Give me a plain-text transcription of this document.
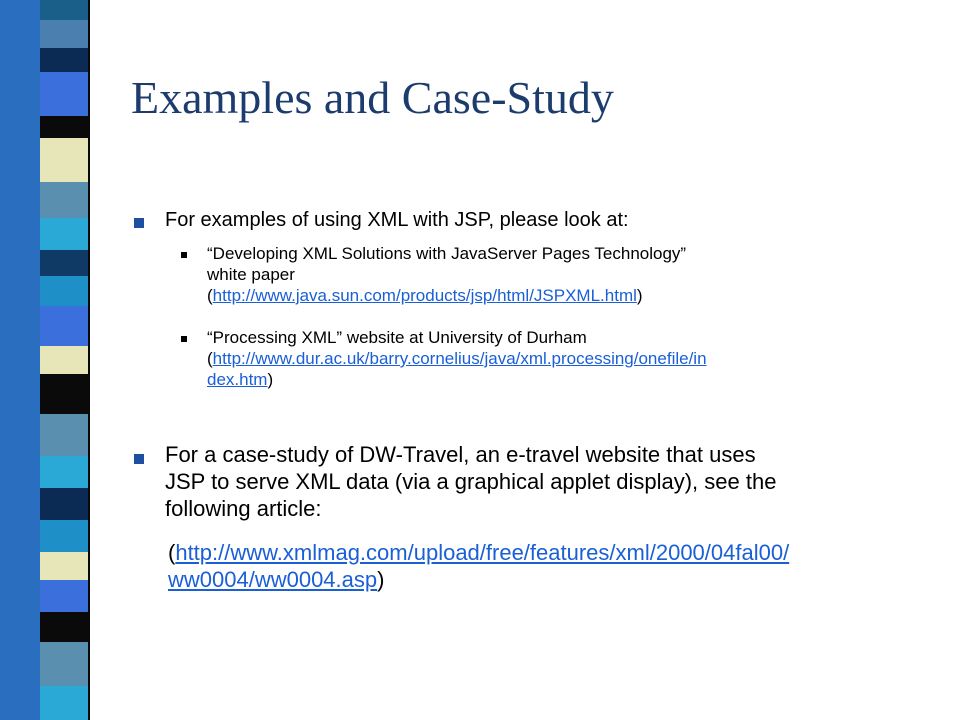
Examples and Case-Study
For examples of using XML with JSP, please look at:
“Developing XML Solutions with JavaServer Pages Technology”
white paper
(http://www.java.sun.com/products/jsp/html/JSPXML.html)
“Processing XML” website at University of Durham
(http://www.dur.ac.uk/barry.cornelius/java/xml.processing/onefile/in
dex.htm)
For a case-study of DW-Travel, an e-travel website that uses
JSP to serve XML data (via a graphical applet display), see the
following article:
(http://www.xmlmag.com/upload/free/features/xml/2000/04fal00/
ww0004/ww0004.asp)
